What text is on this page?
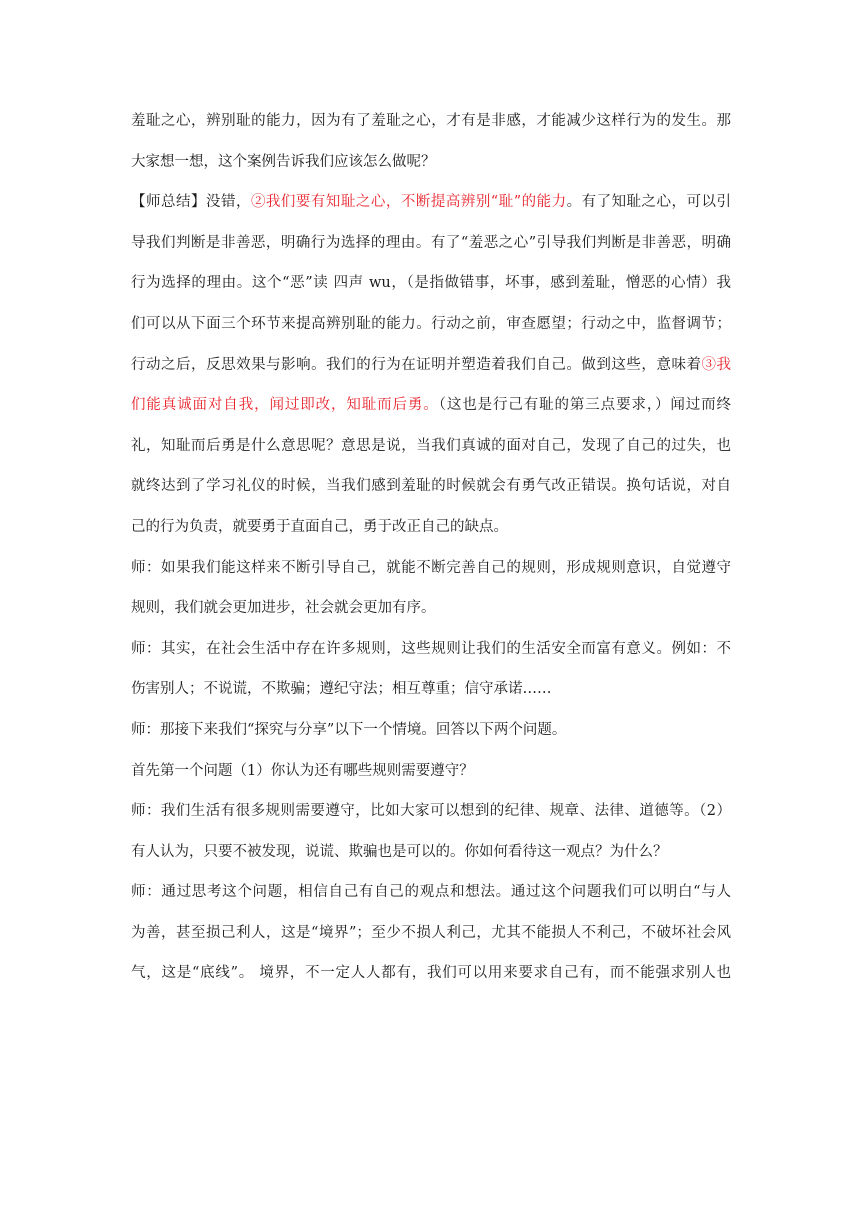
羞耻之心，辨别耻的能力，因为有了羞耻之心，才有是非感，才能减少这样行为的发生。那
大家想一想，这个案例告诉我们应该怎么做呢？
【师总结】没错，②我们要有知耻之心，不断提高辨别“耻”的能力。有了知耻之心，可以引
导我们判断是非善恶，明确行为选择的理由。有了“羞恶之心”引导我们判断是非善恶，明确
行为选择的理由。这个“恶”读 四声 wu，（是指做错事，坏事，感到羞耻，憎恶的心情）我
们可以从下面三个环节来提高辨别耻的能力。行动之前，审查愿望；行动之中，监督调节；
行动之后，反思效果与影响。我们的行为在证明并塑造着我们自己。做到这些，意味着③我
们能真诚面对自我，闻过即改，知耻而后勇。（这也是行己有耻的第三点要求，）闻过而终
礼，知耻而后勇是什么意思呢？意思是说，当我们真诚的面对自己，发现了自己的过失，也
就终达到了学习礼仪的时候，当我们感到羞耻的时候就会有勇气改正错误。换句话说，对自
己的行为负责，就要勇于直面自己，勇于改正自己的缺点。
师：如果我们能这样来不断引导自己，就能不断完善自己的规则，形成规则意识，自觉遵守
规则，我们就会更加进步，社会就会更加有序。
师：其实，在社会生活中存在许多规则，这些规则让我们的生活安全而富有意义。例如：不
伤害别人；不说谎，不欺骗；遵纪守法；相互尊重；信守承诺……
师：那接下来我们“探究与分享”以下一个情境。回答以下两个问题。
首先第一个问题（1）你认为还有哪些规则需要遵守？
师：我们生活有很多规则需要遵守，比如大家可以想到的纪律、规章、法律、道德等。（2）
有人认为，只要不被发现，说谎、欺骗也是可以的。你如何看待这一观点？为什么？
师：通过思考这个问题，相信自己有自己的观点和想法。通过这个问题我们可以明白“与人
为善，甚至损己利人，这是“境界”；至少不损人利己，尤其不能损人不利己，不破坏社会风
气，这是“底线”。 境界，不一定人人都有，我们可以用来要求自己有，而不能强求别人也
